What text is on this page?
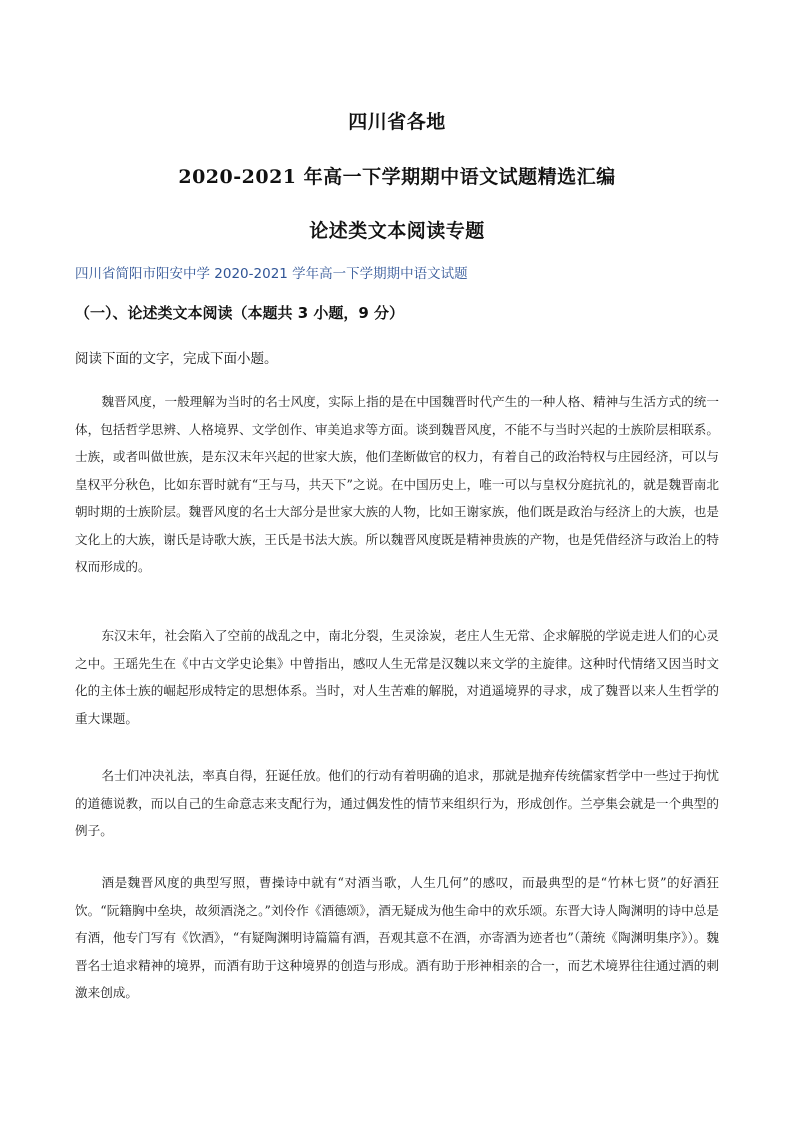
四川省各地
2020-2021 年高一下学期期中语文试题精选汇编
论述类文本阅读专题
四川省简阳市阳安中学 2020-2021 学年高一下学期期中语文试题
（一）、论述类文本阅读（本题共 3 小题，9 分）
阅读下面的文字，完成下面小题。

魏晋风度，一般理解为当时的名士风度，实际上指的是在中国魏晋时代产生的一种人格、精神与生活方式的统一体，包括哲学思辨、人格境界、文学创作、审美追求等方面。谈到魏晋风度，不能不与当时兴起的士族阶层相联系。士族，或者叫做世族，是东汉末年兴起的世家大族，他们垄断做官的权力，有着自己的政治特权与庄园经济，可以与皇权平分秋色，比如东晋时就有“王与马，共天下”之说。在中国历史上，唯一可以与皇权分庭抗礼的，就是魏晋南北朝时期的士族阶层。魏晋风度的名士大部分是世家大族的人物，比如王谢家族，他们既是政治与经济上的大族，也是文化上的大族，谢氏是诗歌大族，王氏是书法大族。所以魏晋风度既是精神贵族的产物，也是凭借经济与政治上的特权而形成的。

东汉末年，社会陷入了空前的战乱之中，南北分裂，生灵涂炭，老庄人生无常、企求解脱的学说走进人们的心灵之中。王瑶先生在《中古文学史论集》中曾指出，感叹人生无常是汉魏以来文学的主旋律。这种时代情绪又因当时文化的主体士族的崛起形成特定的思想体系。当时，对人生苦难的解脱，对逍遥境界的寻求，成了魏晋以来人生哲学的重大课题。

名士们冲决礼法，率真自得，狂诞任放。他们的行动有着明确的追求，那就是抛弃传统儒家哲学中一些过于拘忧的道德说教，而以自己的生命意志来支配行为，通过偶发性的情节来组织行为，形成创作。兰亭集会就是一个典型的例子。

酒是魏晋风度的典型写照，曹操诗中就有“对酒当歌，人生几何”的感叹，而最典型的是“竹林七贤”的好酒狂饮。“阮籍胸中垒块，故须酒浇之。”刘伶作《酒德颂》，酒无疑成为他生命中的欢乐颂。东晋大诗人陶渊明的诗中总是有酒，他专门写有《饮酒》，“有疑陶渊明诗篇篇有酒，吾观其意不在酒，亦寄酒为迹者也”（萧统《陶渊明集序》）。魏晋名士追求精神的境界，而酒有助于这种境界的创造与形成。酒有助于形神相亲的合一，而艺术境界往往通过酒的刺激来创成。
